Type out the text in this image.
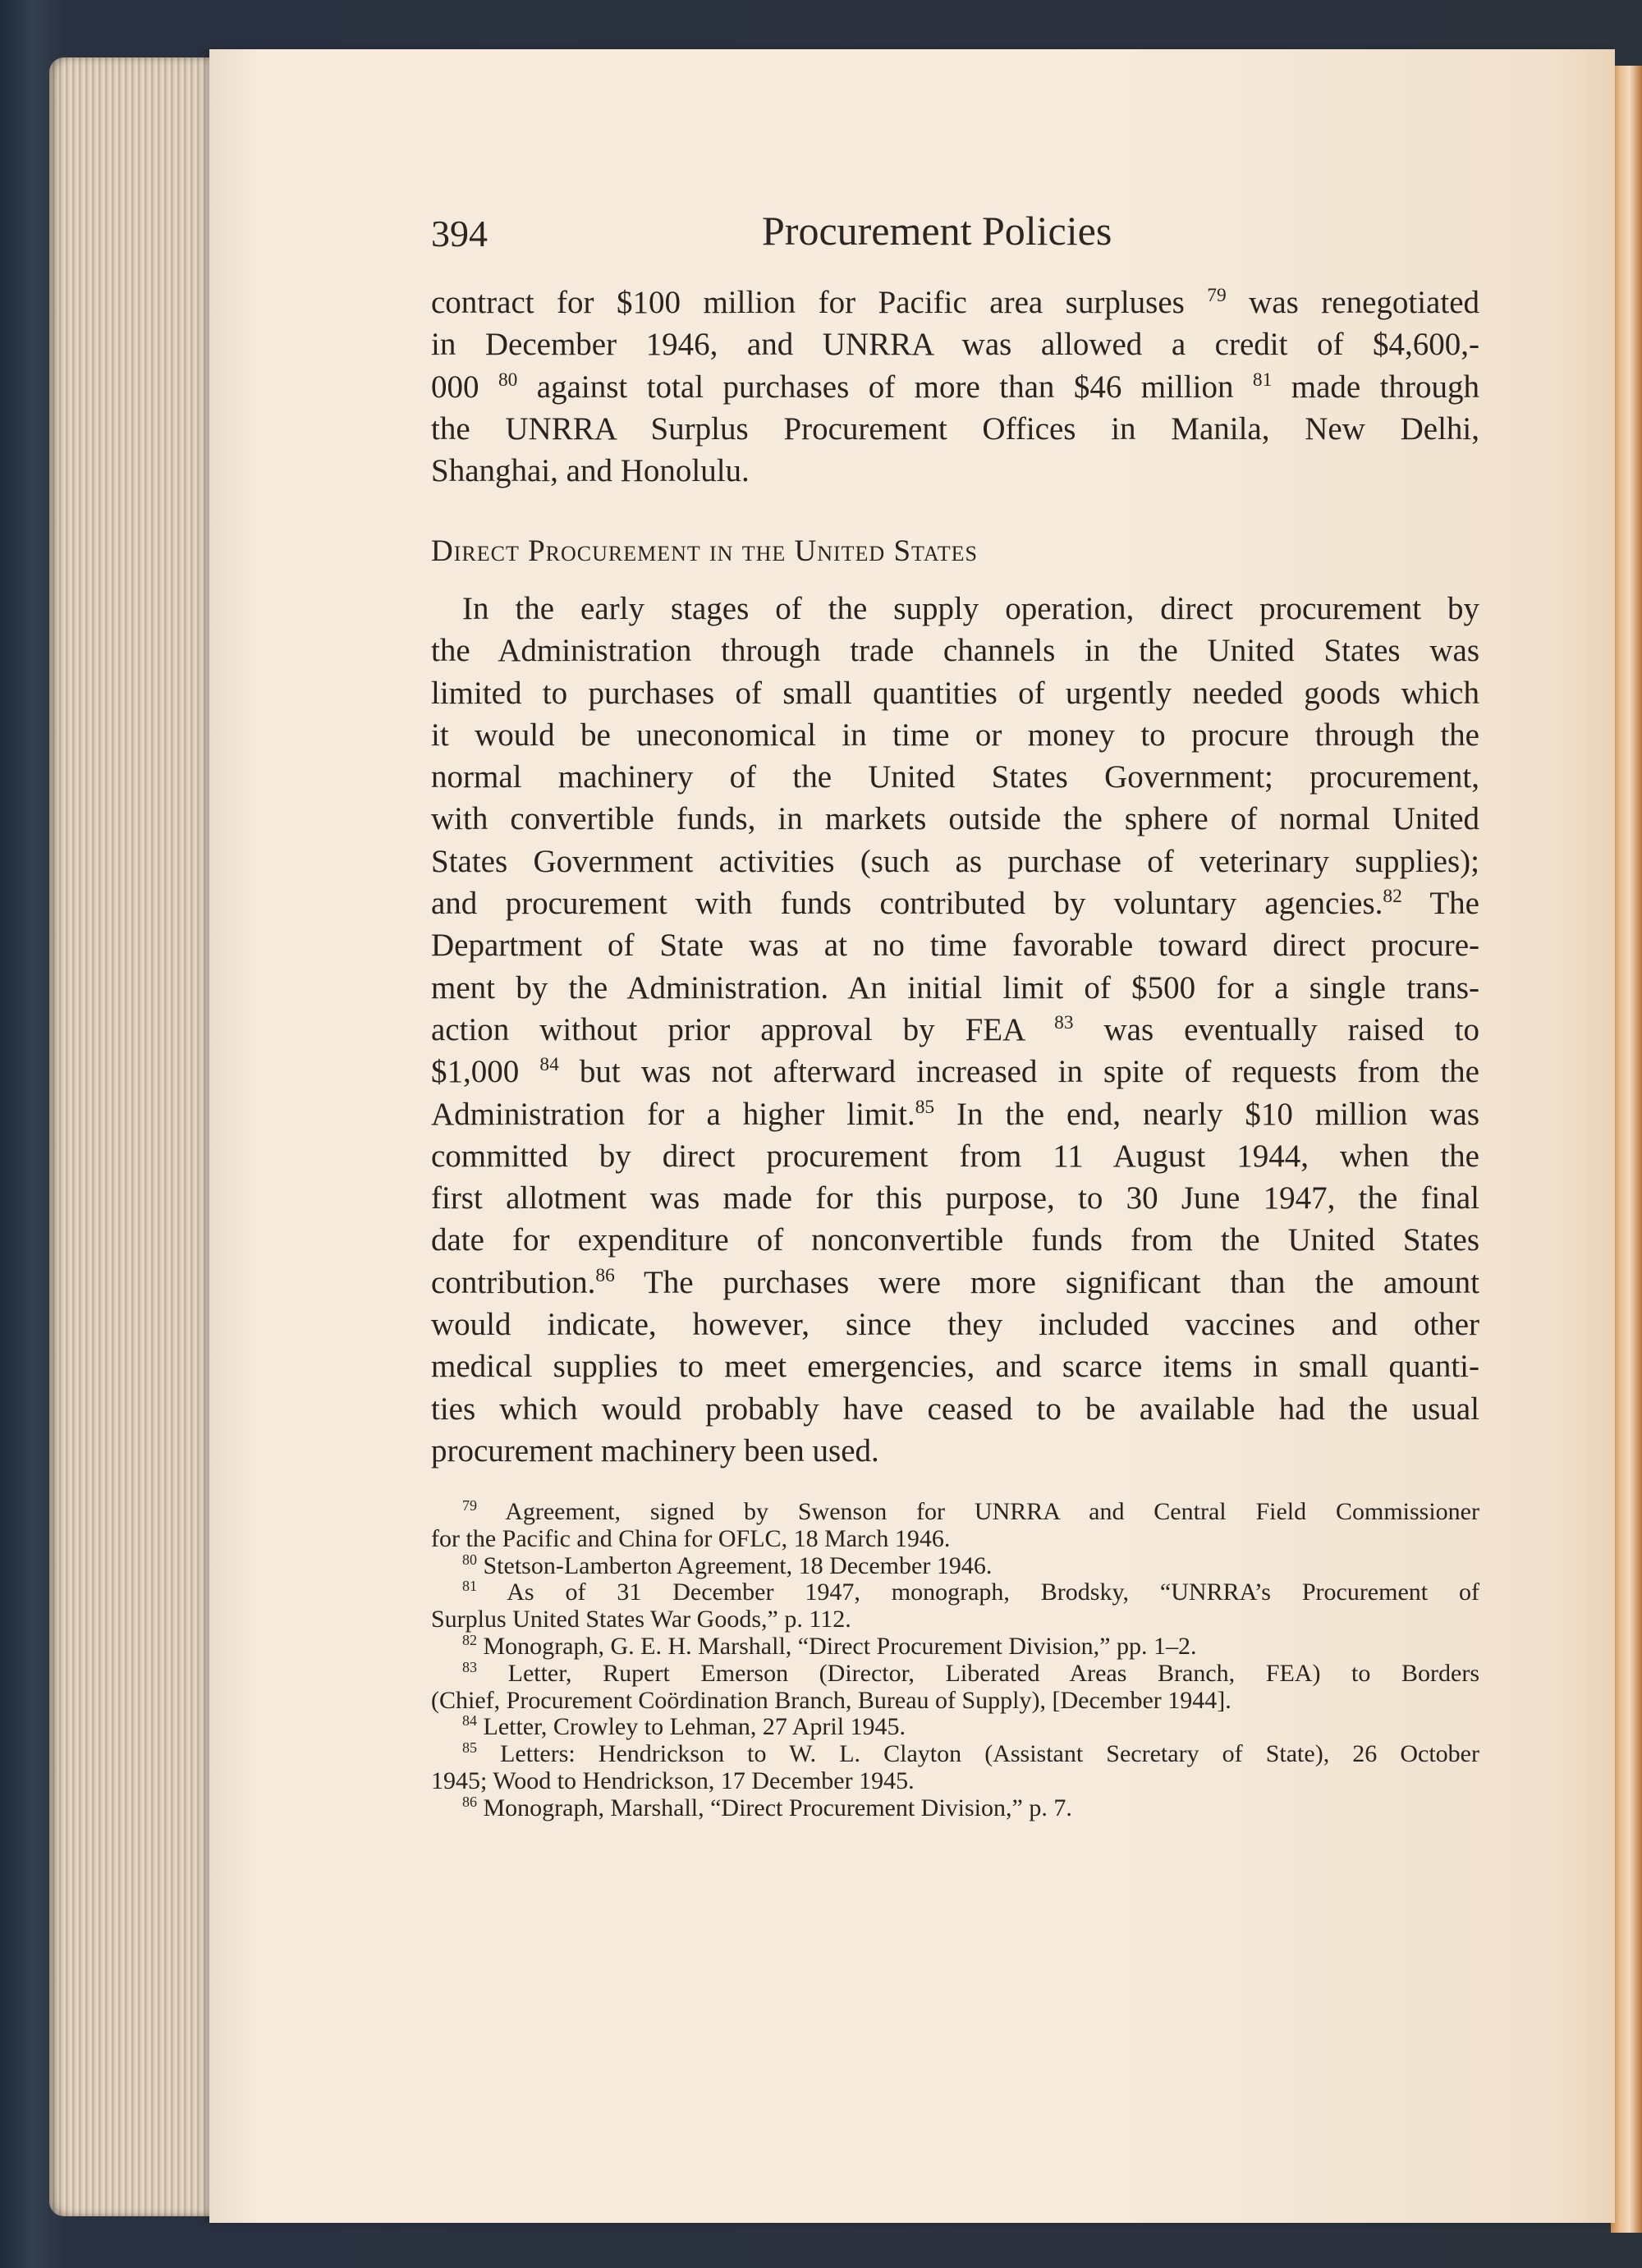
394	Procurement Policies
contract for $100 million for Pacific area surpluses $^{79}$ was renegotiated
in December 1946, and UNRRA was allowed a credit of $4,600,-
000 $^{80}$ against total purchases of more than $46 million $^{81}$ made through
the UNRRA Surplus Procurement Offices in Manila, New Delhi,
Shanghai, and Honolulu.
Direct Procurement in the United States
In the early stages of the supply operation, direct procurement by
the Administration through trade channels in the United States was
limited to purchases of small quantities of urgently needed goods which
it would be uneconomical in time or money to procure through the
normal machinery of the United States Government; procurement,
with convertible funds, in markets outside the sphere of normal United
States Government activities (such as purchase of veterinary supplies);
and procurement with funds contributed by voluntary agencies.$^{82}$ The
Department of State was at no time favorable toward direct procure-
ment by the Administration. An initial limit of $500 for a single trans-
action without prior approval by FEA $^{83}$ was eventually raised to
$1,000 $^{84}$ but was not afterward increased in spite of requests from the
Administration for a higher limit.$^{85}$ In the end, nearly $10 million was
committed by direct procurement from 11 August 1944, when the
first allotment was made for this purpose, to 30 June 1947, the final
date for expenditure of nonconvertible funds from the United States
contribution.$^{86}$ The purchases were more significant than the amount
would indicate, however, since they included vaccines and other
medical supplies to meet emergencies, and scarce items in small quanti-
ties which would probably have ceased to be available had the usual
procurement machinery been used.
$^{79}$ Agreement, signed by Swenson for UNRRA and Central Field Commissioner
for the Pacific and China for OFLC, 18 March 1946.
$^{80}$ Stetson-Lamberton Agreement, 18 December 1946.
$^{81}$ As of 31 December 1947, monograph, Brodsky, “UNRRA’s Procurement of
Surplus United States War Goods,” p. 112.
$^{82}$ Monograph, G. E. H. Marshall, “Direct Procurement Division,” pp. 1–2.
$^{83}$ Letter, Rupert Emerson (Director, Liberated Areas Branch, FEA) to Borders
(Chief, Procurement Coördination Branch, Bureau of Supply), [December 1944].
$^{84}$ Letter, Crowley to Lehman, 27 April 1945.
$^{85}$ Letters: Hendrickson to W. L. Clayton (Assistant Secretary of State), 26 October
1945; Wood to Hendrickson, 17 December 1945.
$^{86}$ Monograph, Marshall, “Direct Procurement Division,” p. 7.
